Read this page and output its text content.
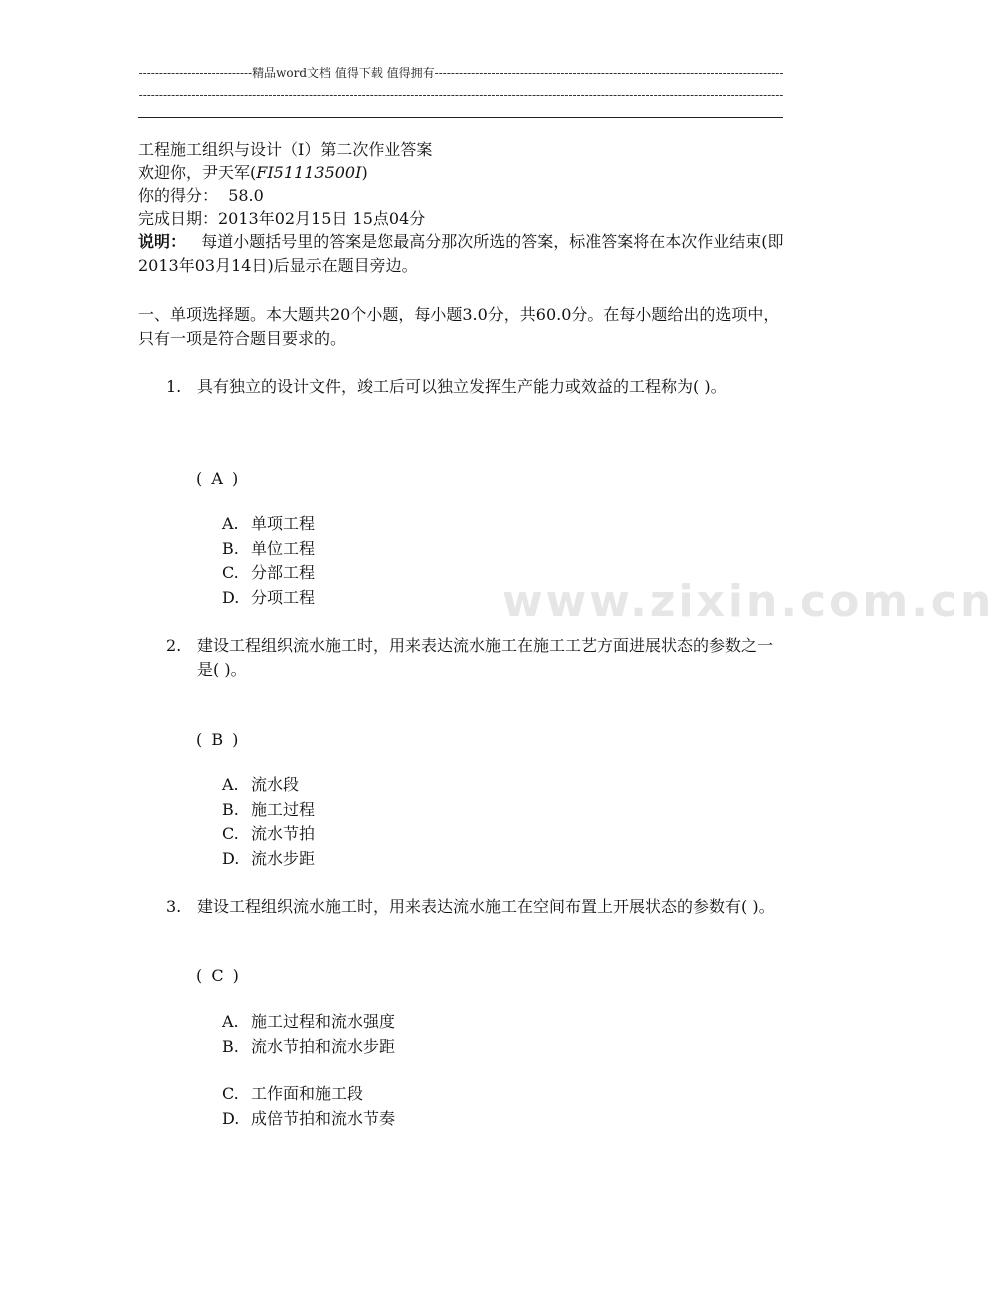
----------------------------精品word文档 值得下载 值得拥有----------------------------------------------------------------------------------------------------------------------------------------------------------------------------------------------------------------------------------------------------------------------------------------------------------------------------

工程施工组织与设计（I）第二次作业答案

欢迎你，尹天军(FI51113500I)

你的得分： 58.0

完成日期：2013年02月15日 15点04分

说明： 每道小题括号里的答案是您最高分那次所选的答案，标准答案将在本次作业结束(即2013年03月14日)后显示在题目旁边。
一、单项选择题。本大题共20个小题，每小题3.0分，共60.0分。在每小题给出的选项中，只有一项是符合题目要求的。
1. 具有独立的设计文件，竣工后可以独立发挥生产能力或效益的工程称为( )。
( A )
A. 单项工程
B. 单位工程
C. 分部工程
D. 分项工程	www.zixin.com.cn
2. 建设工程组织流水施工时，用来表达流水施工在施工工艺方面进展状态的参数之一是( )。
( B )
A. 流水段
B. 施工过程
C. 流水节拍
D. 流水步距
3. 建设工程组织流水施工时，用来表达流水施工在空间布置上开展状态的参数有( )。
( C )
A. 施工过程和流水强度
B. 流水节拍和流水步距
C. 工作面和施工段
D. 成倍节拍和流水节奏
